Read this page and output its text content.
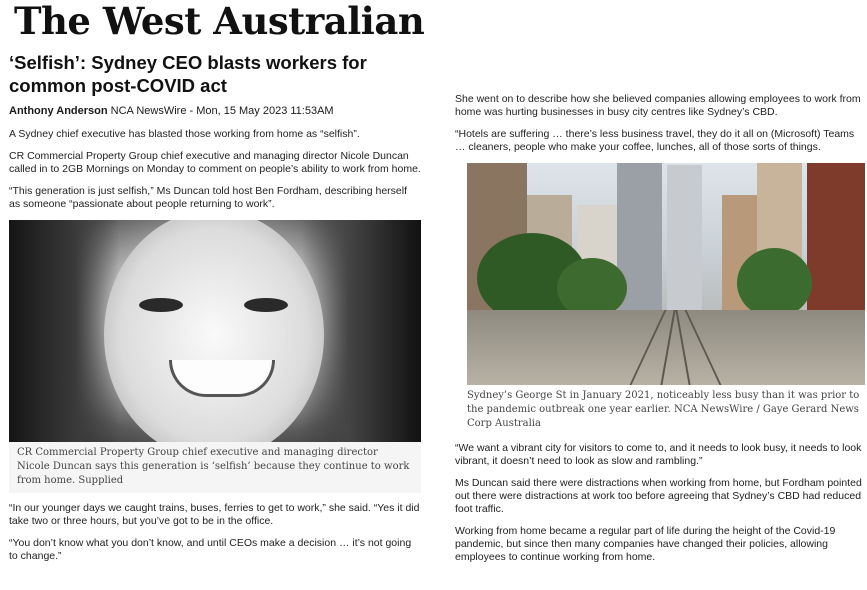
The West Australian
‘Selfish’: Sydney CEO blasts workers for common post-COVID act
Anthony Anderson NCA NewsWire - Mon, 15 May 2023 11:53AM

A Sydney chief executive has blasted those working from home as “selfish”.

CR Commercial Property Group chief executive and managing director Nicole Duncan called in to 2GB Mornings on Monday to comment on people’s ability to work from home.

“This generation is just selfish,” Ms Duncan told host Ben Fordham, describing herself as someone “passionate about people returning to work”.

CR Commercial Property Group chief executive and managing director Nicole Duncan says this generation is ‘selfish’ because they continue to work from home. Supplied

“In our younger days we caught trains, buses, ferries to get to work,” she said. “Yes it did take two or three hours, but you’ve got to be in the office.

“You don’t know what you don’t know, and until CEOs make a decision … it’s not going to change.”

She went on to describe how she believed companies allowing employees to work from home was hurting businesses in busy city centres like Sydney’s CBD.

“Hotels are suffering … there’s less business travel, they do it all on (Microsoft) Teams … cleaners, people who make your coffee, lunches, all of those sorts of things.

Sydney’s George St in January 2021, noticeably less busy than it was prior to the pandemic outbreak one year earlier. NCA NewsWire / Gaye Gerard News Corp Australia

“We want a vibrant city for visitors to come to, and it needs to look busy, it needs to look vibrant, it doesn’t need to look as slow and rambling.”

Ms Duncan said there were distractions when working from home, but Fordham pointed out there were distractions at work too before agreeing that Sydney’s CBD had reduced foot traffic.

Working from home became a regular part of life during the height of the Covid-19 pandemic, but since then many companies have changed their policies, allowing employees to continue working from home.
